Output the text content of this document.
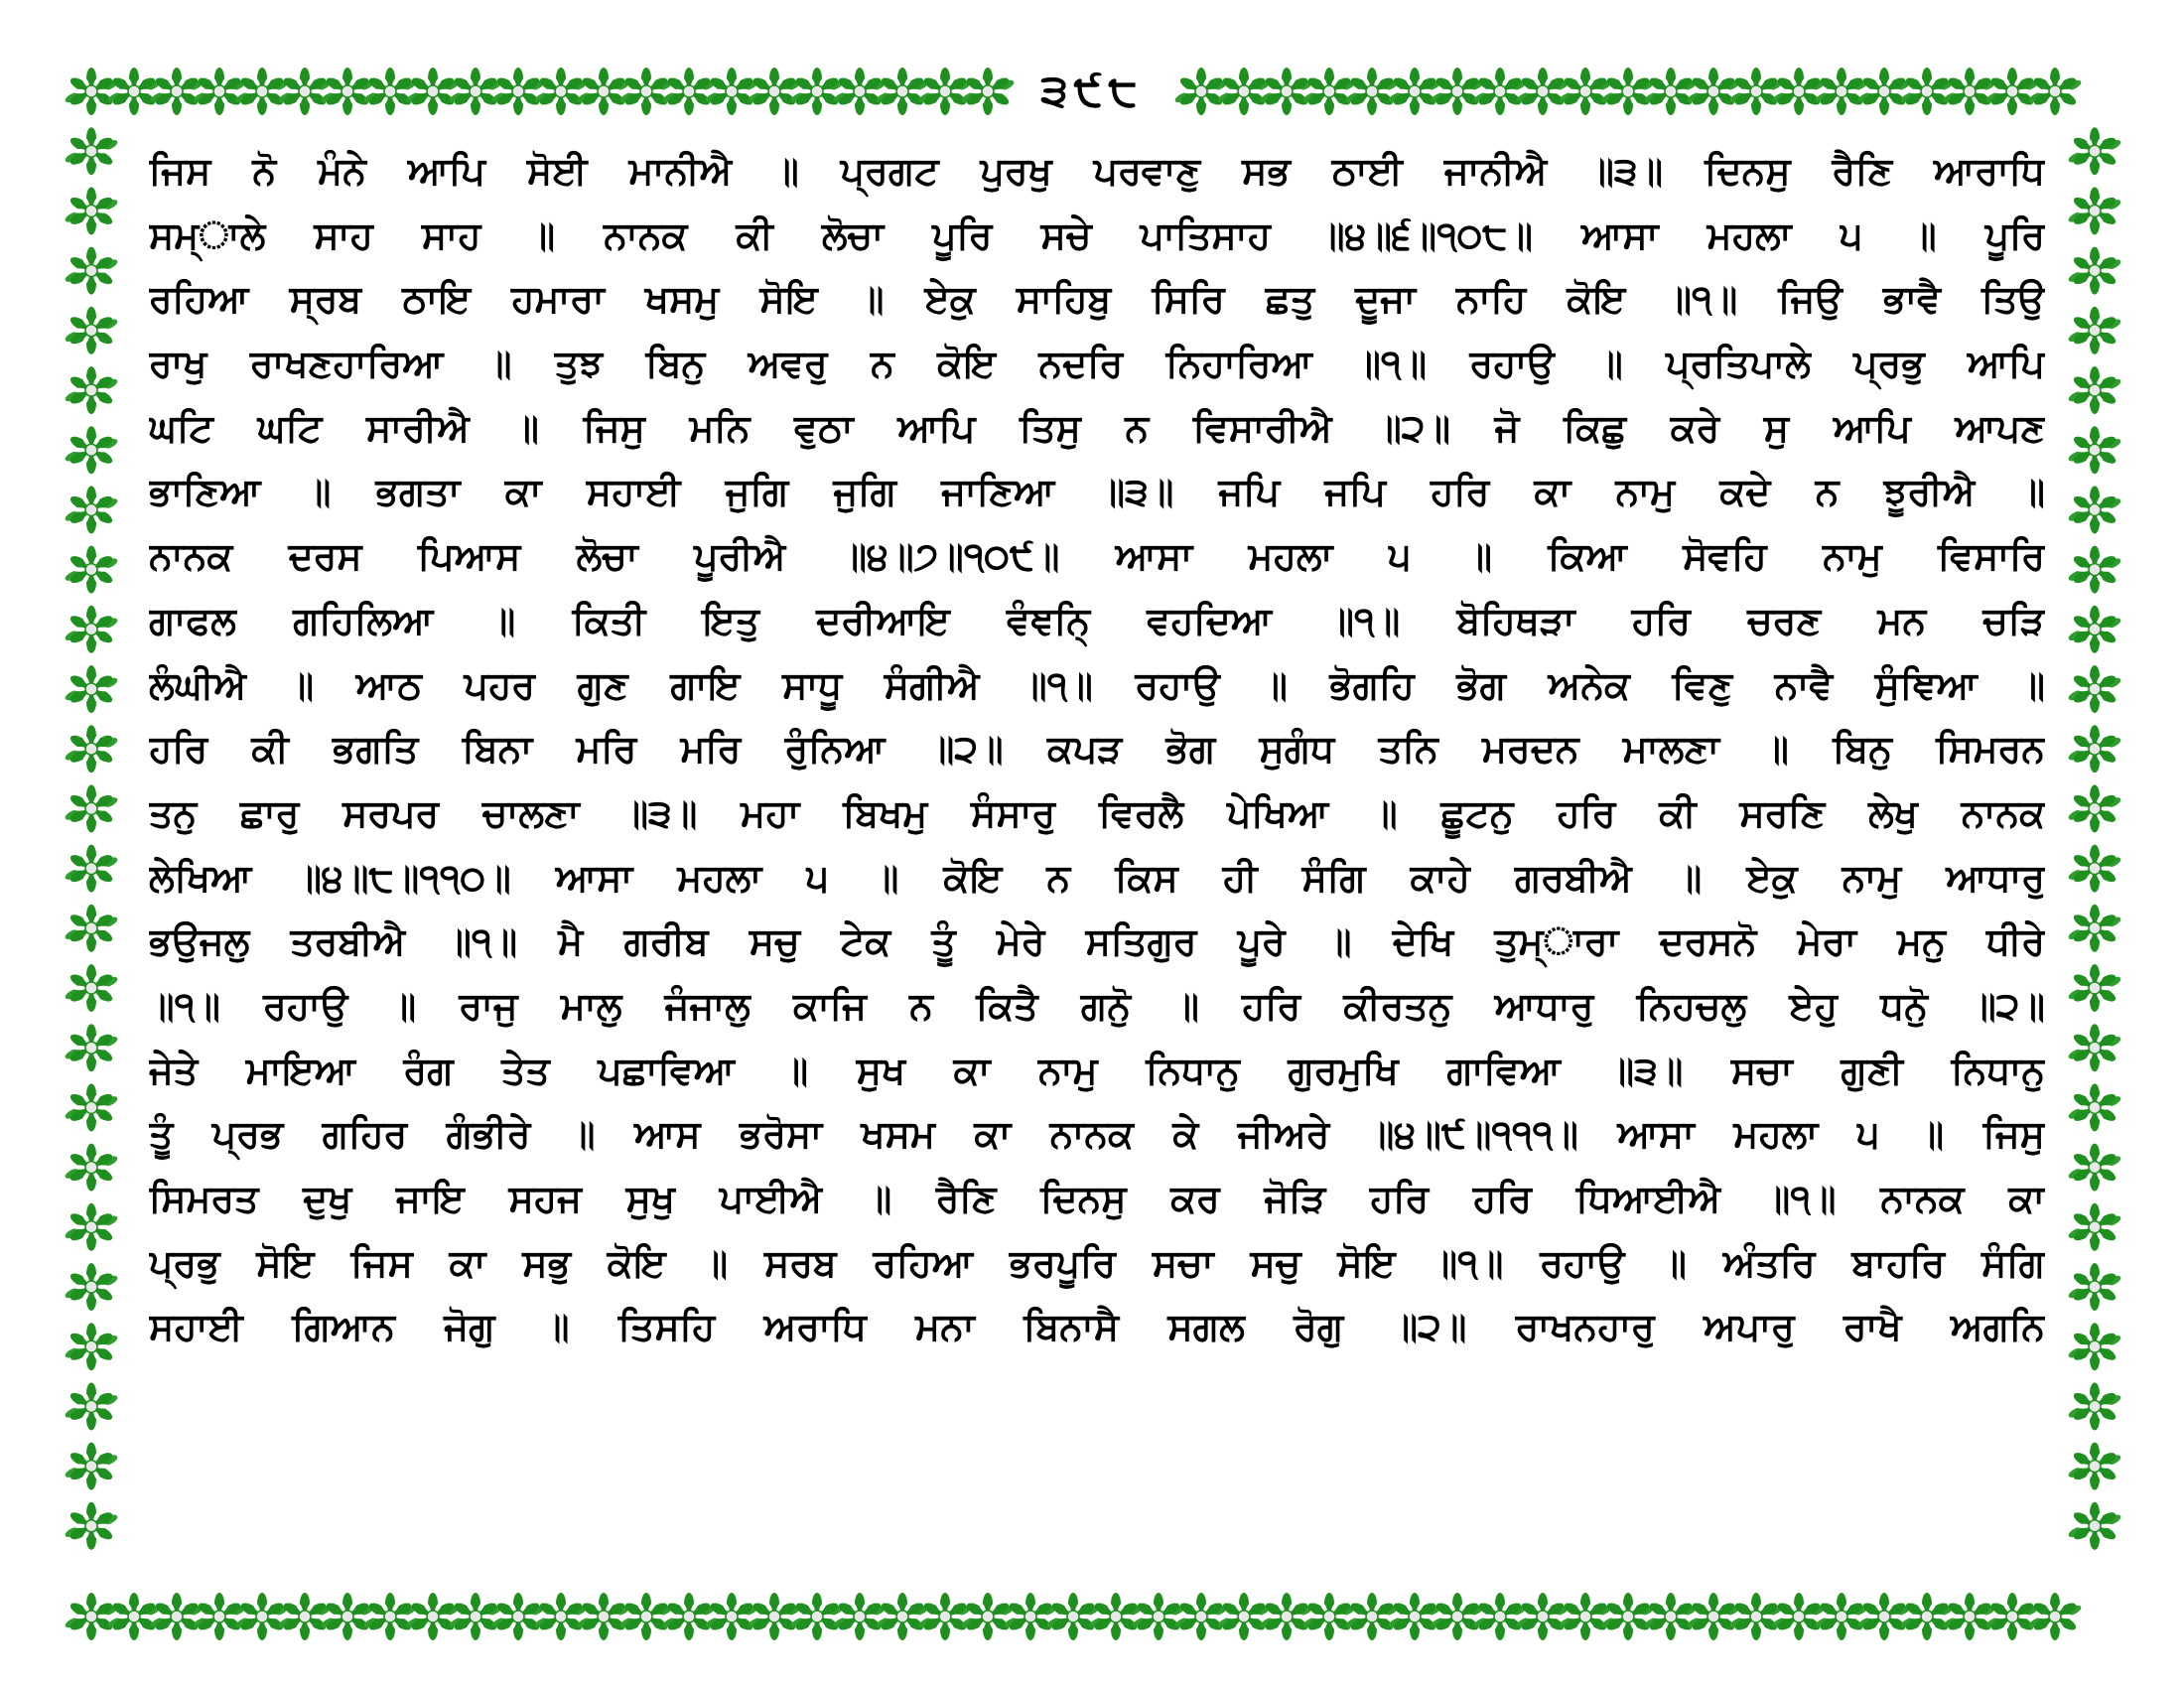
੩੯੮
ਜਿਸ ਨੋ ਮੰਨੇ ਆਪਿ ਸੋਈ ਮਾਨੀਐ ॥ ਪ੍ਰਗਟ ਪੁਰਖੁ ਪਰਵਾਣੁ ਸਭ ਠਾਈ ਜਾਨੀਐ ॥੩॥ ਦਿਨਸੁ ਰੈਣਿ ਆਰਾਧਿ
ਸਮ੍ਾਲੇ ਸਾਹ ਸਾਹ ॥ ਨਾਨਕ ਕੀ ਲੋਚਾ ਪੂਰਿ ਸਚੇ ਪਾਤਿਸਾਹ ॥੪॥੬॥੧੦੮॥ ਆਸਾ ਮਹਲਾ ੫ ॥ ਪੂਰਿ
ਰਹਿਆ ਸ੍ਰਬ ਠਾਇ ਹਮਾਰਾ ਖਸਮੁ ਸੋਇ ॥ ਏਕੁ ਸਾਹਿਬੁ ਸਿਰਿ ਛਤੁ ਦੂਜਾ ਨਾਹਿ ਕੋਇ ॥੧॥ ਜਿਉ ਭਾਵੈ ਤਿਉ
ਰਾਖੁ ਰਾਖਣਹਾਰਿਆ ॥ ਤੁਝ ਬਿਨੁ ਅਵਰੁ ਨ ਕੋਇ ਨਦਰਿ ਨਿਹਾਰਿਆ ॥੧॥ ਰਹਾਉ ॥ ਪ੍ਰਤਿਪਾਲੇ ਪ੍ਰਭੁ ਆਪਿ
ਘਟਿ ਘਟਿ ਸਾਰੀਐ ॥ ਜਿਸੁ ਮਨਿ ਵੁਠਾ ਆਪਿ ਤਿਸੁ ਨ ਵਿਸਾਰੀਐ ॥੨॥ ਜੋ ਕਿਛੁ ਕਰੇ ਸੁ ਆਪਿ ਆਪਣ
ਭਾਣਿਆ ॥ ਭਗਤਾ ਕਾ ਸਹਾਈ ਜੁਗਿ ਜੁਗਿ ਜਾਣਿਆ ॥੩॥ ਜਪਿ ਜਪਿ ਹਰਿ ਕਾ ਨਾਮੁ ਕਦੇ ਨ ਝੂਰੀਐ ॥
ਨਾਨਕ ਦਰਸ ਪਿਆਸ ਲੋਚਾ ਪੂਰੀਐ ॥੪॥੭॥੧੦੯॥ ਆਸਾ ਮਹਲਾ ੫ ॥ ਕਿਆ ਸੋਵਹਿ ਨਾਮੁ ਵਿਸਾਰਿ
ਗਾਫਲ ਗਹਿਲਿਆ ॥ ਕਿਤੀ ਇਤੁ ਦਰੀਆਇ ਵੰਞਨਿ੍ ਵਹਦਿਆ ॥੧॥ ਬੋਹਿਥੜਾ ਹਰਿ ਚਰਣ ਮਨ ਚੜਿ
ਲੰਘੀਐ ॥ ਆਠ ਪਹਰ ਗੁਣ ਗਾਇ ਸਾਧੂ ਸੰਗੀਐ ॥੧॥ ਰਹਾਉ ॥ ਭੋਗਹਿ ਭੋਗ ਅਨੇਕ ਵਿਣੁ ਨਾਵੈ ਸੁੰਞਿਆ ॥
ਹਰਿ ਕੀ ਭਗਤਿ ਬਿਨਾ ਮਰਿ ਮਰਿ ਰੁੰਨਿਆ ॥੨॥ ਕਪੜ ਭੋਗ ਸੁਗੰਧ ਤਨਿ ਮਰਦਨ ਮਾਲਣਾ ॥ ਬਿਨੁ ਸਿਮਰਨ
ਤਨੁ ਛਾਰੁ ਸਰਪਰ ਚਾਲਣਾ ॥੩॥ ਮਹਾ ਬਿਖਮੁ ਸੰਸਾਰੁ ਵਿਰਲੈ ਪੇਖਿਆ ॥ ਛੂਟਨੁ ਹਰਿ ਕੀ ਸਰਣਿ ਲੇਖੁ ਨਾਨਕ
ਲੇਖਿਆ ॥੪॥੮॥੧੧੦॥ ਆਸਾ ਮਹਲਾ ੫ ॥ ਕੋਇ ਨ ਕਿਸ ਹੀ ਸੰਗਿ ਕਾਹੇ ਗਰਬੀਐ ॥ ਏਕੁ ਨਾਮੁ ਆਧਾਰੁ
ਭਉਜਲੁ ਤਰਬੀਐ ॥੧॥ ਮੈ ਗਰੀਬ ਸਚੁ ਟੇਕ ਤੂੰ ਮੇਰੇ ਸਤਿਗੁਰ ਪੂਰੇ ॥ ਦੇਖਿ ਤੁਮ੍ਾਰਾ ਦਰਸਨੋ ਮੇਰਾ ਮਨੁ ਧੀਰੇ
॥੧॥ ਰਹਾਉ ॥ ਰਾਜੁ ਮਾਲੁ ਜੰਜਾਲੁ ਕਾਜਿ ਨ ਕਿਤੈ ਗਨੋੁ ॥ ਹਰਿ ਕੀਰਤਨੁ ਆਧਾਰੁ ਨਿਹਚਲੁ ਏਹੁ ਧਨੋੁ ॥੨॥
ਜੇਤੇ ਮਾਇਆ ਰੰਗ ਤੇਤ ਪਛਾਵਿਆ ॥ ਸੁਖ ਕਾ ਨਾਮੁ ਨਿਧਾਨੁ ਗੁਰਮੁਖਿ ਗਾਵਿਆ ॥੩॥ ਸਚਾ ਗੁਣੀ ਨਿਧਾਨੁ
ਤੂੰ ਪ੍ਰਭ ਗਹਿਰ ਗੰਭੀਰੇ ॥ ਆਸ ਭਰੋਸਾ ਖਸਮ ਕਾ ਨਾਨਕ ਕੇ ਜੀਅਰੇ ॥੪॥੯॥੧੧੧॥ ਆਸਾ ਮਹਲਾ ੫ ॥ ਜਿਸੁ
ਸਿਮਰਤ ਦੁਖੁ ਜਾਇ ਸਹਜ ਸੁਖੁ ਪਾਈਐ ॥ ਰੈਣਿ ਦਿਨਸੁ ਕਰ ਜੋੜਿ ਹਰਿ ਹਰਿ ਧਿਆਈਐ ॥੧॥ ਨਾਨਕ ਕਾ
ਪ੍ਰਭੁ ਸੋਇ ਜਿਸ ਕਾ ਸਭੁ ਕੋਇ ॥ ਸਰਬ ਰਹਿਆ ਭਰਪੂਰਿ ਸਚਾ ਸਚੁ ਸੋਇ ॥੧॥ ਰਹਾਉ ॥ ਅੰਤਰਿ ਬਾਹਰਿ ਸੰਗਿ
ਸਹਾਈ ਗਿਆਨ ਜੋਗੁ ॥ ਤਿਸਹਿ ਅਰਾਧਿ ਮਨਾ ਬਿਨਾਸੈ ਸਗਲ ਰੋਗੁ ॥੨॥ ਰਾਖਨਹਾਰੁ ਅਪਾਰੁ ਰਾਖੈ ਅਗਨਿ
